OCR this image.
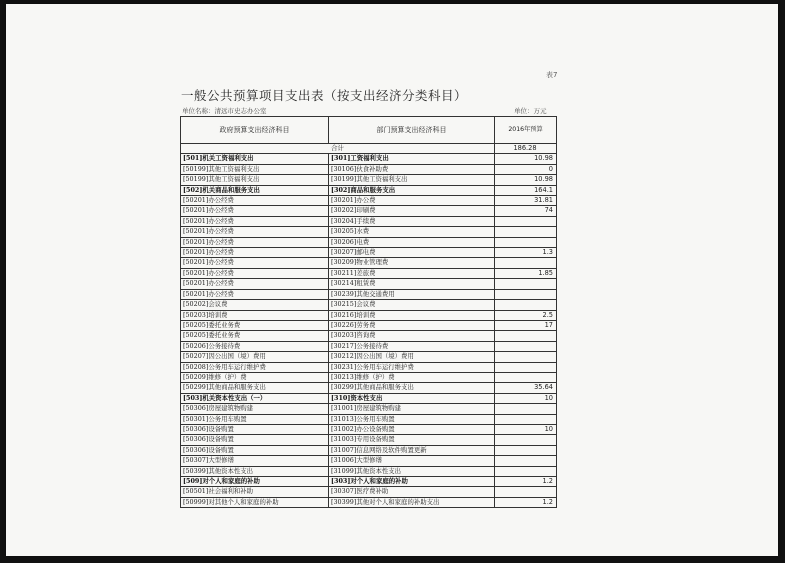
表7
一般公共预算项目支出表（按支出经济分类科目）
单位名称：清远市史志办公室	单位：万元
政府预算支出经济科目	部门预算支出经济科目	2016年预算
合计		186.28
[501]机关工资福利支出	[301]工资福利支出	10.98
[50199]其他工资福利支出	[30106]伙食补助费	0
[50199]其他工资福利支出	[30199]其他工资福利支出	10.98
[502]机关商品和服务支出	[302]商品和服务支出	164.1
[50201]办公经费	[30201]办公费	31.81
[50201]办公经费	[30202]印刷费	74
[50201]办公经费	[30204]手续费	
[50201]办公经费	[30205]水费	
[50201]办公经费	[30206]电费	
[50201]办公经费	[30207]邮电费	1.3
[50201]办公经费	[30209]物业管理费	
[50201]办公经费	[30211]差旅费	1.85
[50201]办公经费	[30214]租赁费	
[50201]办公经费	[30239]其他交通费用	
[50202]会议费	[30215]会议费	
[50203]培训费	[30216]培训费	2.5
[50205]委托业务费	[30226]劳务费	17
[50205]委托业务费	[30203]咨询费	
[50206]公务接待费	[30217]公务接待费	
[50207]因公出国（境）费用	[30212]因公出国（境）费用	
[50208]公务用车运行维护费	[30231]公务用车运行维护费	
[50209]维修（护）费	[30213]维修（护）费	
[50299]其他商品和服务支出	[30299]其他商品和服务支出	35.64
[503]机关资本性支出（一）	[310]资本性支出	10
[50306]房屋建筑物购建	[31001]房屋建筑物购建	
[50301]公务用车购置	[31013]公务用车购置	
[50306]设备购置	[31002]办公设备购置	10
[50306]设备购置	[31003]专用设备购置	
[50306]设备购置	[31007]信息网络及软件购置更新	
[50307]大型修缮	[31006]大型修缮	
[50399]其他资本性支出	[31099]其他资本性支出	
[509]对个人和家庭的补助	[303]对个人和家庭的补助	1.2
[50501]社会福利和补助	[30307]医疗费补助	
[50999]对其他个人和家庭的补助	[30399]其他对个人和家庭的补助支出	1.2
